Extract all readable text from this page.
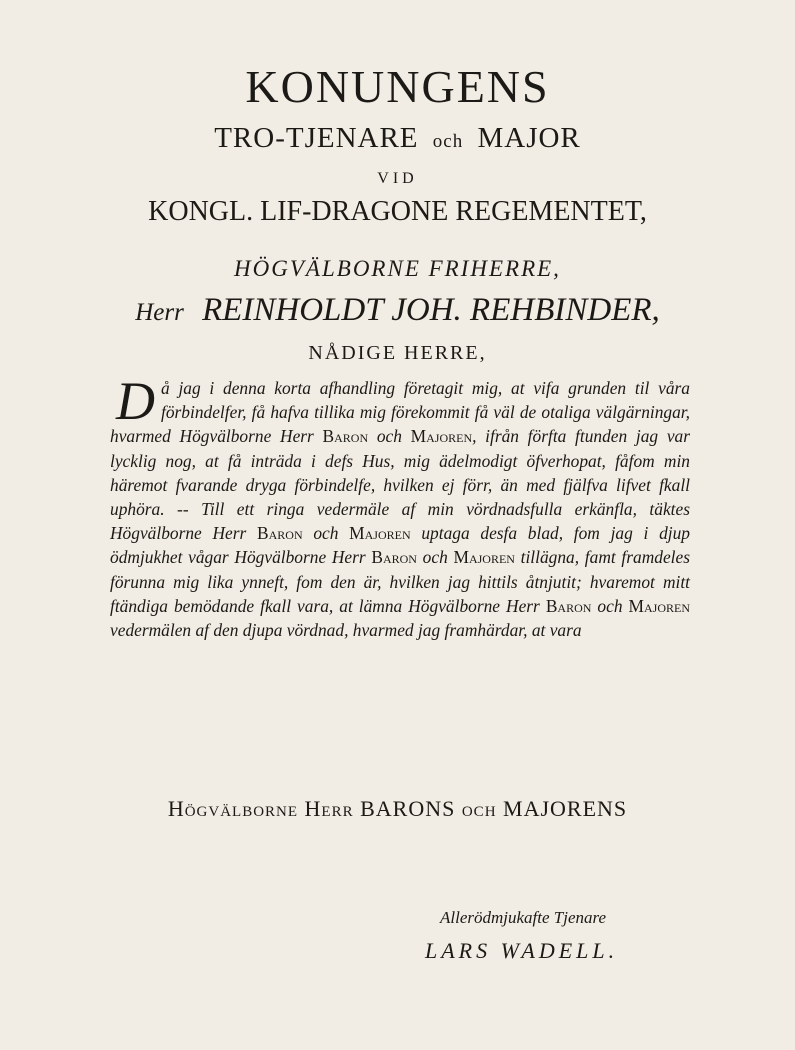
KONUNGENS
TRO-TJENARE och MAJOR
VID
KONGL. LIF-DRAGONE REGEMENTET,
HÖGVÄLBORNE FRIHERRE,
Herr REINHOLDT JOH. REHBINDER,
NÅDIGE HERRE,
Då jag i denna korta afhandling företagit mig, at vifa grunden til våra förbindelfer, få hafva tillika mig förekommit få väl de otaliga välgärningar, hvarmed Högvälborne Herr Baron och Majoren, ifrån förfta ftunden jag var lycklig nog, at få inträda i defs Hus, mig ädelmodigt öfverhopat, fåfom min häremot fvarande dryga förbindelfe, hvilken ej förr, än med fjälfva lifvet fkall uphöra. -- Till ett ringa vedermäle af min vördnadsfulla erkänfla, täktes Högvälborne Herr Baron och Majoren uptaga desfa blad, fom jag i djup ödmjukhet vågar Högvälborne Herr Baron och Majoren tillägna, famt framdeles förunna mig lika ynneft, fom den är, hvilken jag hittils åtnjutit; hvaremot mitt ftändiga bemödande fkall vara, at lämna Högvälborne Herr Baron och Majoren vedermälen af den djupa vördnad, hvarmed jag framhärdar, at vara
Högvälborne Herr BARONS och MAJORENS
Allerödmjukafte Tjenare
LARS WADELL.
